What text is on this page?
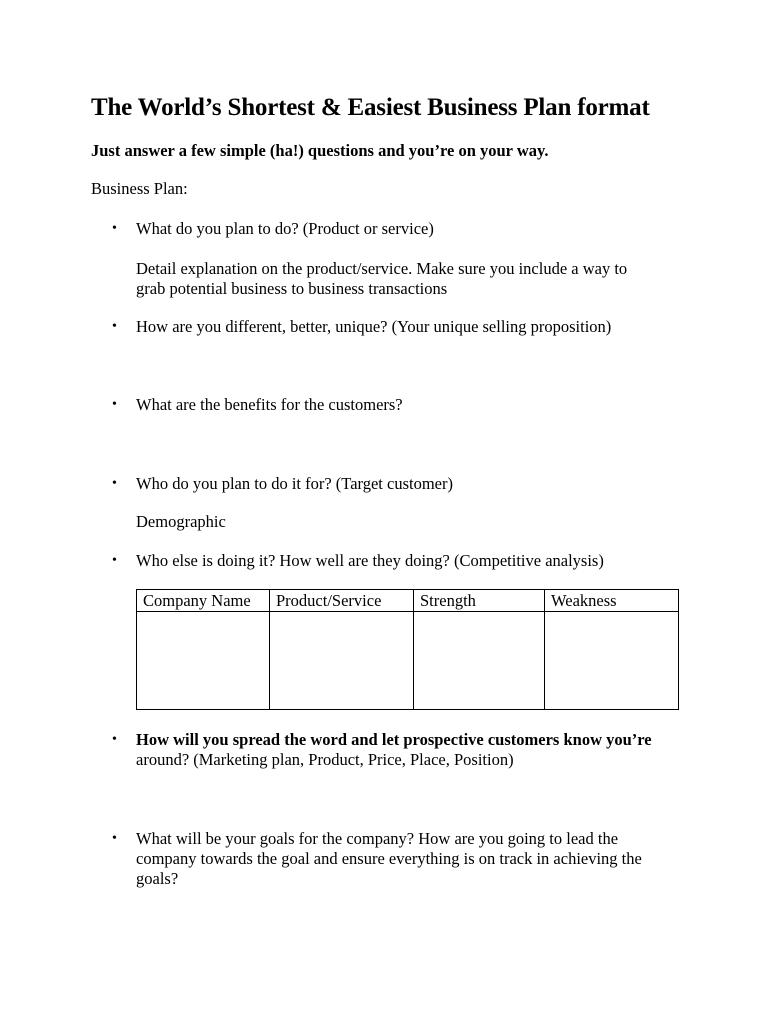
The World’s Shortest & Easiest Business Plan format
Just answer a few simple (ha!) questions and you’re on your way.
Business Plan:
• What do you plan to do? (Product or service)
Detail explanation on the product/service. Make sure you include a way to
grab potential business to business transactions
• How are you different, better, unique? (Your unique selling proposition)
• What are the benefits for the customers?
• Who do you plan to do it for? (Target customer)
Demographic
• Who else is doing it? How well are they doing? (Competitive analysis)
Company Name	Product/Service	Strength	Weakness

• How will you spread the word and let prospective customers know you’re
around? (Marketing plan, Product, Price, Place, Position)
• What will be your goals for the company? How are you going to lead the
company towards the goal and ensure everything is on track in achieving the
goals?
